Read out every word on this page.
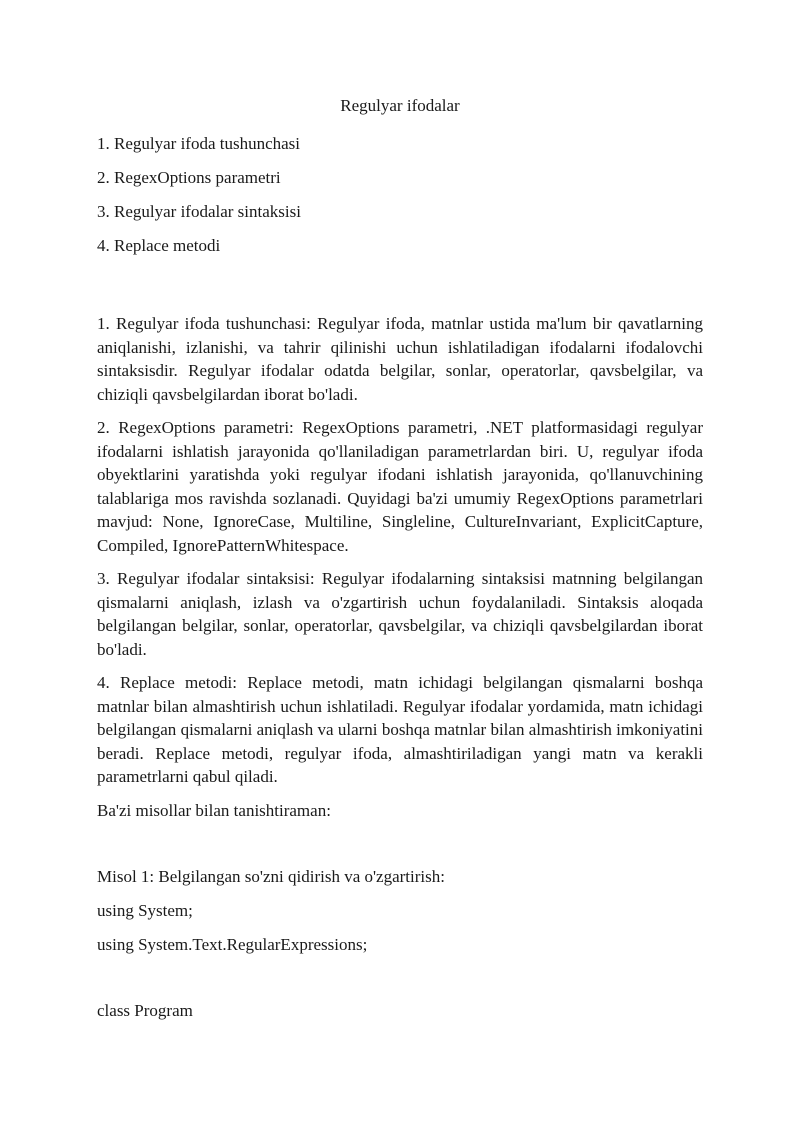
Regulyar ifodalar
1. Regulyar ifoda tushunchasi
2. RegexOptions parametri
3. Regulyar ifodalar sintaksisi
4. Replace metodi
1. Regulyar ifoda tushunchasi: Regulyar ifoda, matnlar ustida ma'lum bir qavatlarning aniqlanishi, izlanishi, va tahrir qilinishi uchun ishlatiladigan ifodalarni ifodalovchi sintaksisdir. Regulyar ifodalar odatda belgilar, sonlar, operatorlar, qavsbelgilar, va chiziqli qavsbelgilardan iborat bo'ladi.
2. RegexOptions parametri: RegexOptions parametri, .NET platformasidagi regulyar ifodalarni ishlatish jarayonida qo'llaniladigan parametrlardan biri. U, regulyar ifoda obyektlarini yaratishda yoki regulyar ifodani ishlatish jarayonida, qo'llanuvchining talablariga mos ravishda sozlanadi. Quyidagi ba'zi umumiy RegexOptions parametrlari mavjud: None, IgnoreCase, Multiline, Singleline, CultureInvariant, ExplicitCapture, Compiled, IgnorePatternWhitespace.
3. Regulyar ifodalar sintaksisi: Regulyar ifodalarning sintaksisi matnning belgilangan qismalarni aniqlash, izlash va o'zgartirish uchun foydalaniladi. Sintaksis aloqada belgilangan belgilar, sonlar, operatorlar, qavsbelgilar, va chiziqli qavsbelgilardan iborat bo'ladi.
4. Replace metodi: Replace metodi, matn ichidagi belgilangan qismalarni boshqa matnlar bilan almashtirish uchun ishlatiladi. Regulyar ifodalar yordamida, matn ichidagi belgilangan qismalarni aniqlash va ularni boshqa matnlar bilan almashtirish imkoniyatini beradi. Replace metodi, regulyar ifoda, almashtiriladigan yangi matn va kerakli parametrlarni qabul qiladi.
Ba'zi misollar bilan tanishtiraman:
Misol 1: Belgilangan so'zni qidirish va o'zgartirish:
using System;
using System.Text.RegularExpressions;
class Program
